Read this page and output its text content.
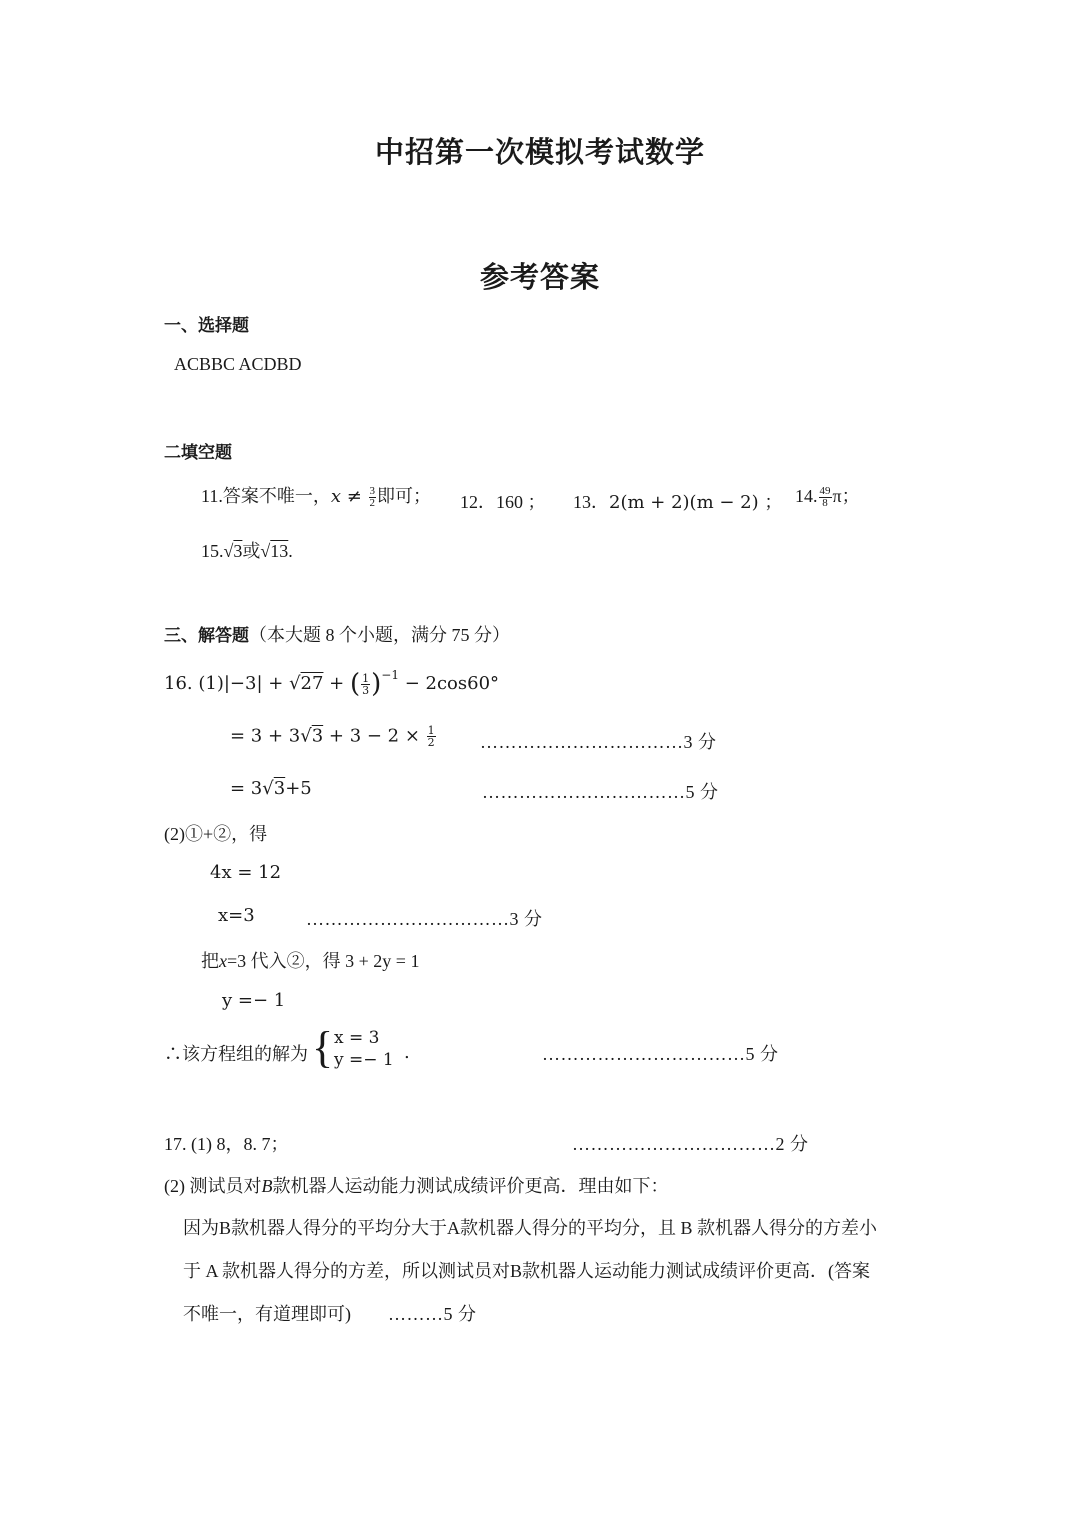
中招第一次模拟考试数学
参考答案
一、选择题
ACBBC ACDBD
二填空题
11.答案不唯一，$x \ne \frac{3}{2}$ 即可； 12．160 ； 13．2(m + 2)(m − 2) ； 14. $\frac{49}{8}$ π；
15.√3或√13.
三、解答题（本大题 8 个小题，满分 75 分）
16. (1)|−3| + √27 + ( $\frac{1}{3} )^{-1} - 2\cos 60^\circ$
= $3 + 3√3 + 3 - 2 \times \frac{1}{2}$ ……………………………3 分
= 3√3+5	……………………………5 分
(2)①+②，得
4x = 12
x=3	……………………………3 分
把x=3 代入②，得 3 + 2y = 1
y =− 1
∴该方程组的解为 { x = 3
y =− 1 .	……………………………5 分
17. (1) 8，8. 7；	……………………………2 分
(2) 测试员对B款机器人运动能力测试成绩评价更高．理由如下：
因为B款机器人得分的平均分大于A款机器人得分的平均分，且 B 款机器人得分的方差小
于 A 款机器人得分的方差，所以测试员对B款机器人运动能力测试成绩评价更高．(答案
不唯一，有道理即可) ………5 分
